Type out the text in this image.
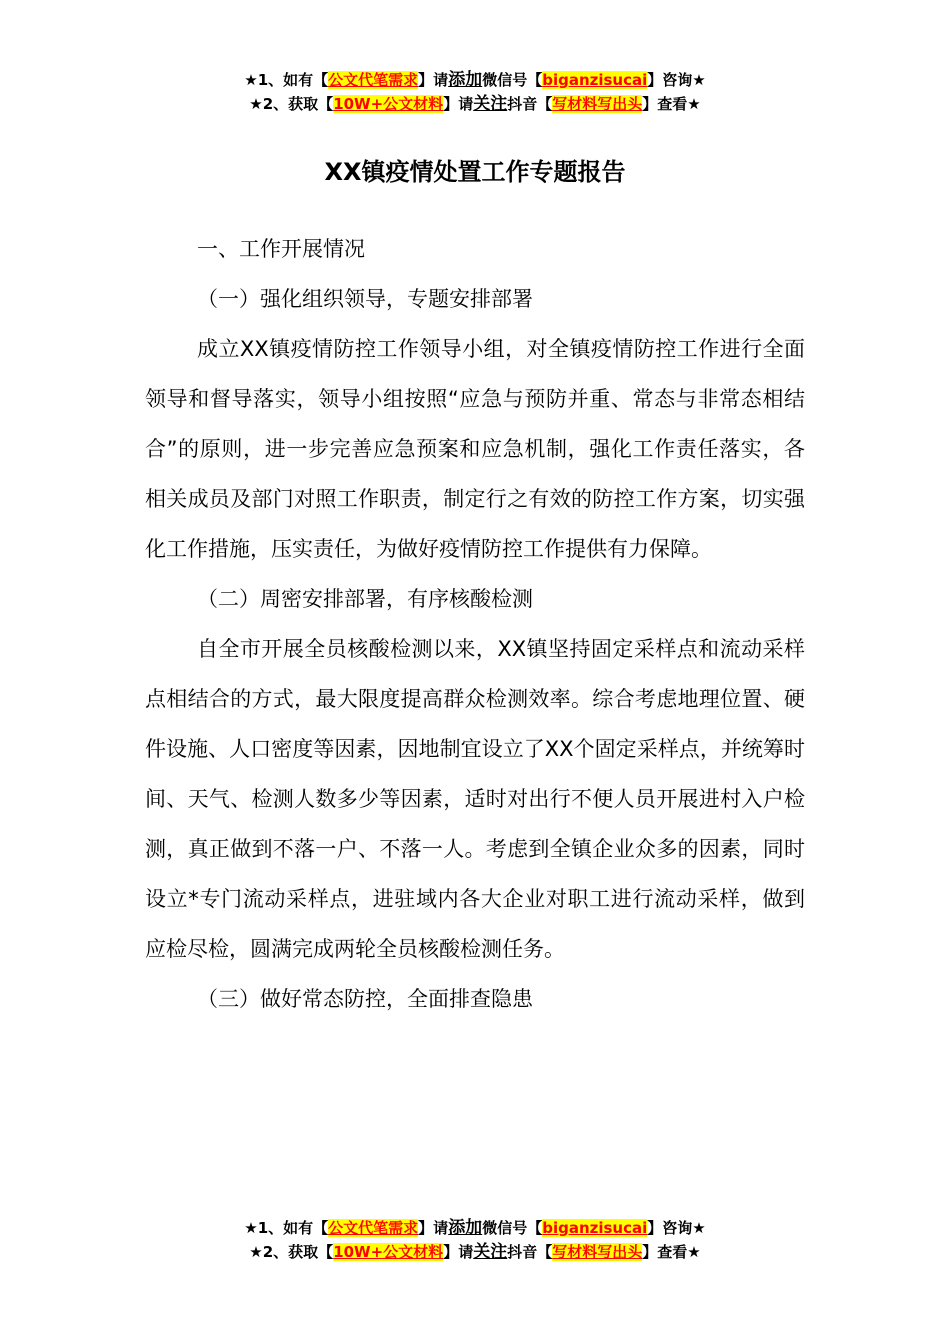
★1、如有【公文代笔需求】请添加微信号【biganzisucai】咨询★
★2、获取【10W+公文材料】请关注抖音【写材料写出头】查看★
XX镇疫情处置工作专题报告

一、工作开展情况

（一）强化组织领导，专题安排部署

成立XX镇疫情防控工作领导小组，对全镇疫情防控工作进行全面领导和督导落实，领导小组按照“应急与预防并重、常态与非常态相结合”的原则，进一步完善应急预案和应急机制，强化工作责任落实，各相关成员及部门对照工作职责，制定行之有效的防控工作方案，切实强化工作措施，压实责任，为做好疫情防控工作提供有力保障。

（二）周密安排部署，有序核酸检测

自全市开展全员核酸检测以来，XX镇坚持固定采样点和流动采样点相结合的方式，最大限度提高群众检测效率。综合考虑地理位置、硬件设施、人口密度等因素，因地制宜设立了XX个固定采样点，并统筹时间、天气、检测人数多少等因素，适时对出行不便人员开展进村入户检测，真正做到不落一户、不落一人。考虑到全镇企业众多的因素，同时设立*专门流动采样点，进驻域内各大企业对职工进行流动采样，做到应检尽检，圆满完成两轮全员核酸检测任务。

（三）做好常态防控，全面排查隐患

★1、如有【公文代笔需求】请添加微信号【biganzisucai】咨询★
★2、获取【10W+公文材料】请关注抖音【写材料写出头】查看★
